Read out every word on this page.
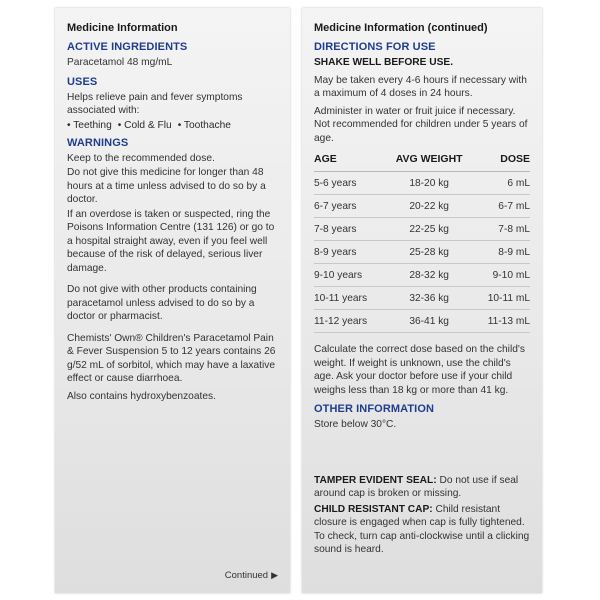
Medicine Information
ACTIVE INGREDIENTS
Paracetamol 48 mg/mL
USES
Helps relieve pain and fever symptoms associated with:
• Teething	• Cold & Flu	• Toothache
WARNINGS
Keep to the recommended dose.
Do not give this medicine for longer than 48 hours at a time unless advised to do so by a doctor.
If an overdose is taken or suspected, ring the Poisons Information Centre (131 126) or go to a hospital straight away, even if you feel well because of the risk of delayed, serious liver damage.
Do not give with other products containing paracetamol unless advised to do so by a doctor or pharmacist.
Chemists' Own® Children's Paracetamol Pain & Fever Suspension 5 to 12 years contains 26 g/52 mL of sorbitol, which may have a laxative effect or cause diarrhoea.
Also contains hydroxybenzoates.
Continued ▶
Medicine Information (continued)
DIRECTIONS FOR USE
SHAKE WELL BEFORE USE.
May be taken every 4-6 hours if necessary with a maximum of 4 doses in 24 hours.
Administer in water or fruit juice if necessary. Not recommended for children under 5 years of age.
AGE	AVG WEIGHT	DOSE
5-6 years	18-20 kg	6 mL
6-7 years	20-22 kg	6-7 mL
7-8 years	22-25 kg	7-8 mL
8-9 years	25-28 kg	8-9 mL
9-10 years	28-32 kg	9-10 mL
10-11 years	32-36 kg	10-11 mL
11-12 years	36-41 kg	11-13 mL
Calculate the correct dose based on the child's weight. If weight is unknown, use the child's age. Ask your doctor before use if your child weighs less than 18 kg or more than 41 kg.
OTHER INFORMATION
Store below 30°C.
TAMPER EVIDENT SEAL: Do not use if seal around cap is broken or missing.
CHILD RESISTANT CAP: Child resistant closure is engaged when cap is fully tightened. To check, turn cap anti-clockwise until a clicking sound is heard.
